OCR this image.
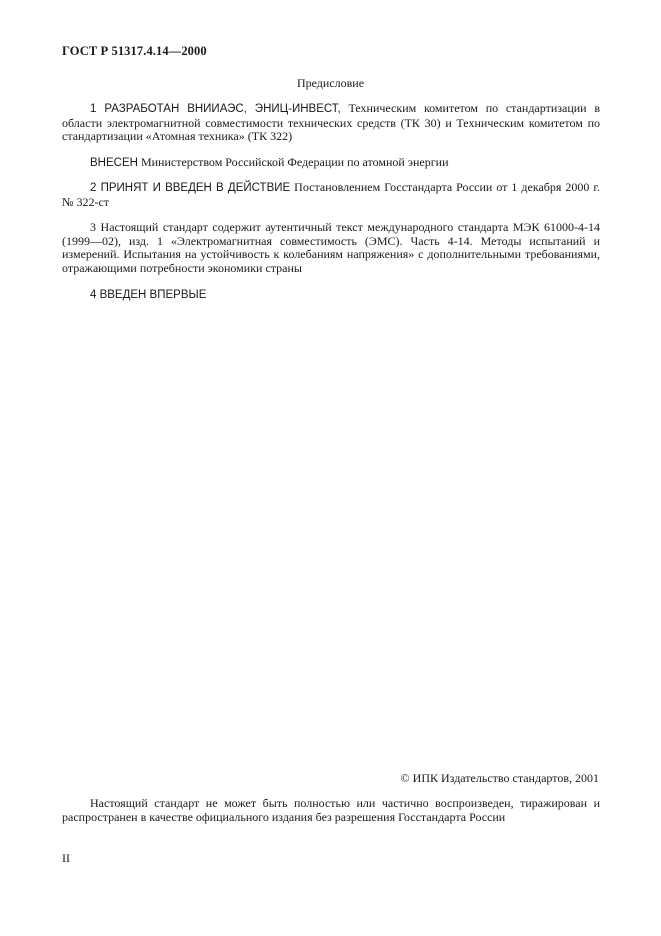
ГОСТ Р 51317.4.14—2000
Предисловие
1 РАЗРАБОТАН ВНИИАЭС, ЭНИЦ-ИНВЕСТ, Техническим комитетом по стандартизации в области электромагнитной совместимости технических средств (ТК 30) и Техническим комитетом по стандартизации «Атомная техника» (ТК 322)
ВНЕСЕН Министерством Российской Федерации по атомной энергии
2 ПРИНЯТ И ВВЕДЕН В ДЕЙСТВИЕ Постановлением Госстандарта России от 1 декабря 2000 г. № 322-ст
3 Настоящий стандарт содержит аутентичный текст международного стандарта МЭК 61000-4-14 (1999—02), изд. 1 «Электромагнитная совместимость (ЭМС). Часть 4-14. Методы испытаний и измерений. Испытания на устойчивость к колебаниям напряжения» с дополнительными требованиями, отражающими потребности экономики страны
4 ВВЕДЕН ВПЕРВЫЕ
© ИПК Издательство стандартов, 2001
Настоящий стандарт не может быть полностью или частично воспроизведен, тиражирован и распространен в качестве официального издания без разрешения Госстандарта России
II
